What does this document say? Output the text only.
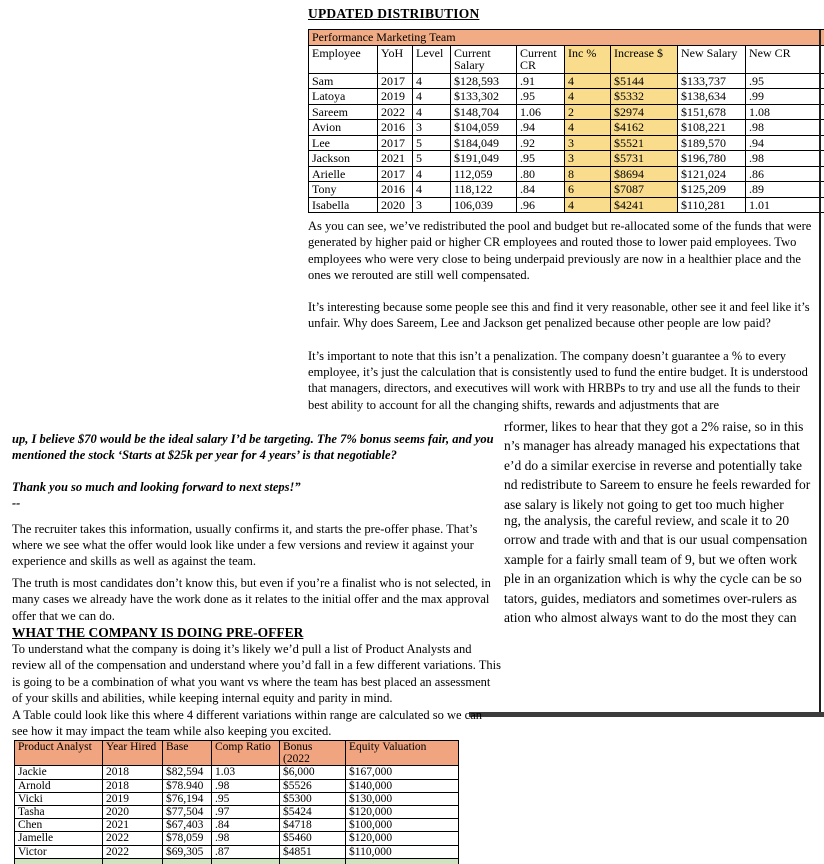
UPDATED DISTRIBUTION
Performance Marketing Team								
Employee	YoH	Level	Current Salary	Current CR	Inc %	Increase $	New Salary	New CR
Sam	2017	4	$128,593	.91	4	$5144	$133,737	.95
Latoya	2019	4	$133,302	.95	4	$5332	$138,634	.99
Sareem	2022	4	$148,704	1.06	2	$2974	$151,678	1.08
Avion	2016	3	$104,059	.94	4	$4162	$108,221	.98
Lee	2017	5	$184,049	.92	3	$5521	$189,570	.94
Jackson	2021	5	$191,049	.95	3	$5731	$196,780	.98
Arielle	2017	4	112,059	.80	8	$8694	$121,024	.86
Tony	2016	4	118,122	.84	6	$7087	$125,209	.89
Isabella	2020	3	106,039	.96	4	$4241	$110,281	1.01

As you can see, we’ve redistributed the pool and budget but re-allocated some of the funds that were generated by higher paid or higher CR employees and routed those to lower paid employees. Two employees who were very close to being underpaid previously are now in a healthier place and the ones we rerouted are still well compensated.

It’s interesting because some people see this and find it very reasonable, other see it and feel like it’s unfair. Why does Sareem, Lee and Jackson get penalized because other people are low paid?

It’s important to note that this isn’t a penalization. The company doesn’t guarantee a % to every employee, it’s just the calculation that is consistently used to fund the entire budget. It is understood that managers, directors, and executives will work with HRBPs to try and use all the funds to their best ability to account for all the changing shifts, rewards and adjustments that are

rformer, likes to hear that they got a 2% raise, so in this
n’s manager has already managed his expectations that
e’d do a similar exercise in reverse and potentially take
nd redistribute to Sareem to ensure he feels rewarded for
ase salary is likely not going to get too much higher
ng, the analysis, the careful review, and scale it to 20
orrow and trade with and that is our usual compensation
xample for a fairly small team of 9, but we often work
ple in an organization which is why the cycle can be so
tators, guides, mediators and sometimes over-rulers as
ation who almost always want to do the most they can

up, I believe $70 would be the ideal salary I’d be targeting. The 7% bonus seems fair, and you mentioned the stock ‘Starts at $25k per year for 4 years’ is that negotiable?

Thank you so much and looking forward to next steps!”

--

The recruiter takes this information, usually confirms it, and starts the pre-offer phase. That’s where we see what the offer would look like under a few versions and review it against your experience and skills as well as against the team.

The truth is most candidates don’t know this, but even if you’re a finalist who is not selected, in many cases we already have the work done as it relates to the initial offer and the max approval offer that we can do.

WHAT THE COMPANY IS DOING PRE-OFFER

To understand what the company is doing it’s likely we’d pull a list of Product Analysts and review all of the compensation and understand where you’d fall in a few different variations. This is going to be a combination of what you want vs where the team has best placed an assessment of your skills and abilities, while keeping internal equity and parity in mind.

A Table could look like this where 4 different variations within range are calculated so we can see how it may impact the team while also keeping you excited.

Product Analyst	Year Hired	Base	Comp Ratio	Bonus (2022	Equity Valuation
Jackie	2018	$82,594	1.03	$6,000	$167,000
Arnold	2018	$78.940	.98	$5526	$140,000
Vicki	2019	$76,194	.95	$5300	$130,000
Tasha	2020	$77,504	.97	$5424	$120,000
Chen	2021	$67,403	.84	$4718	$100,000
Jamelle	2022	$78,059	.98	$5460	$120,000
Victor	2022	$69,305	.87	$4851	$110,000
